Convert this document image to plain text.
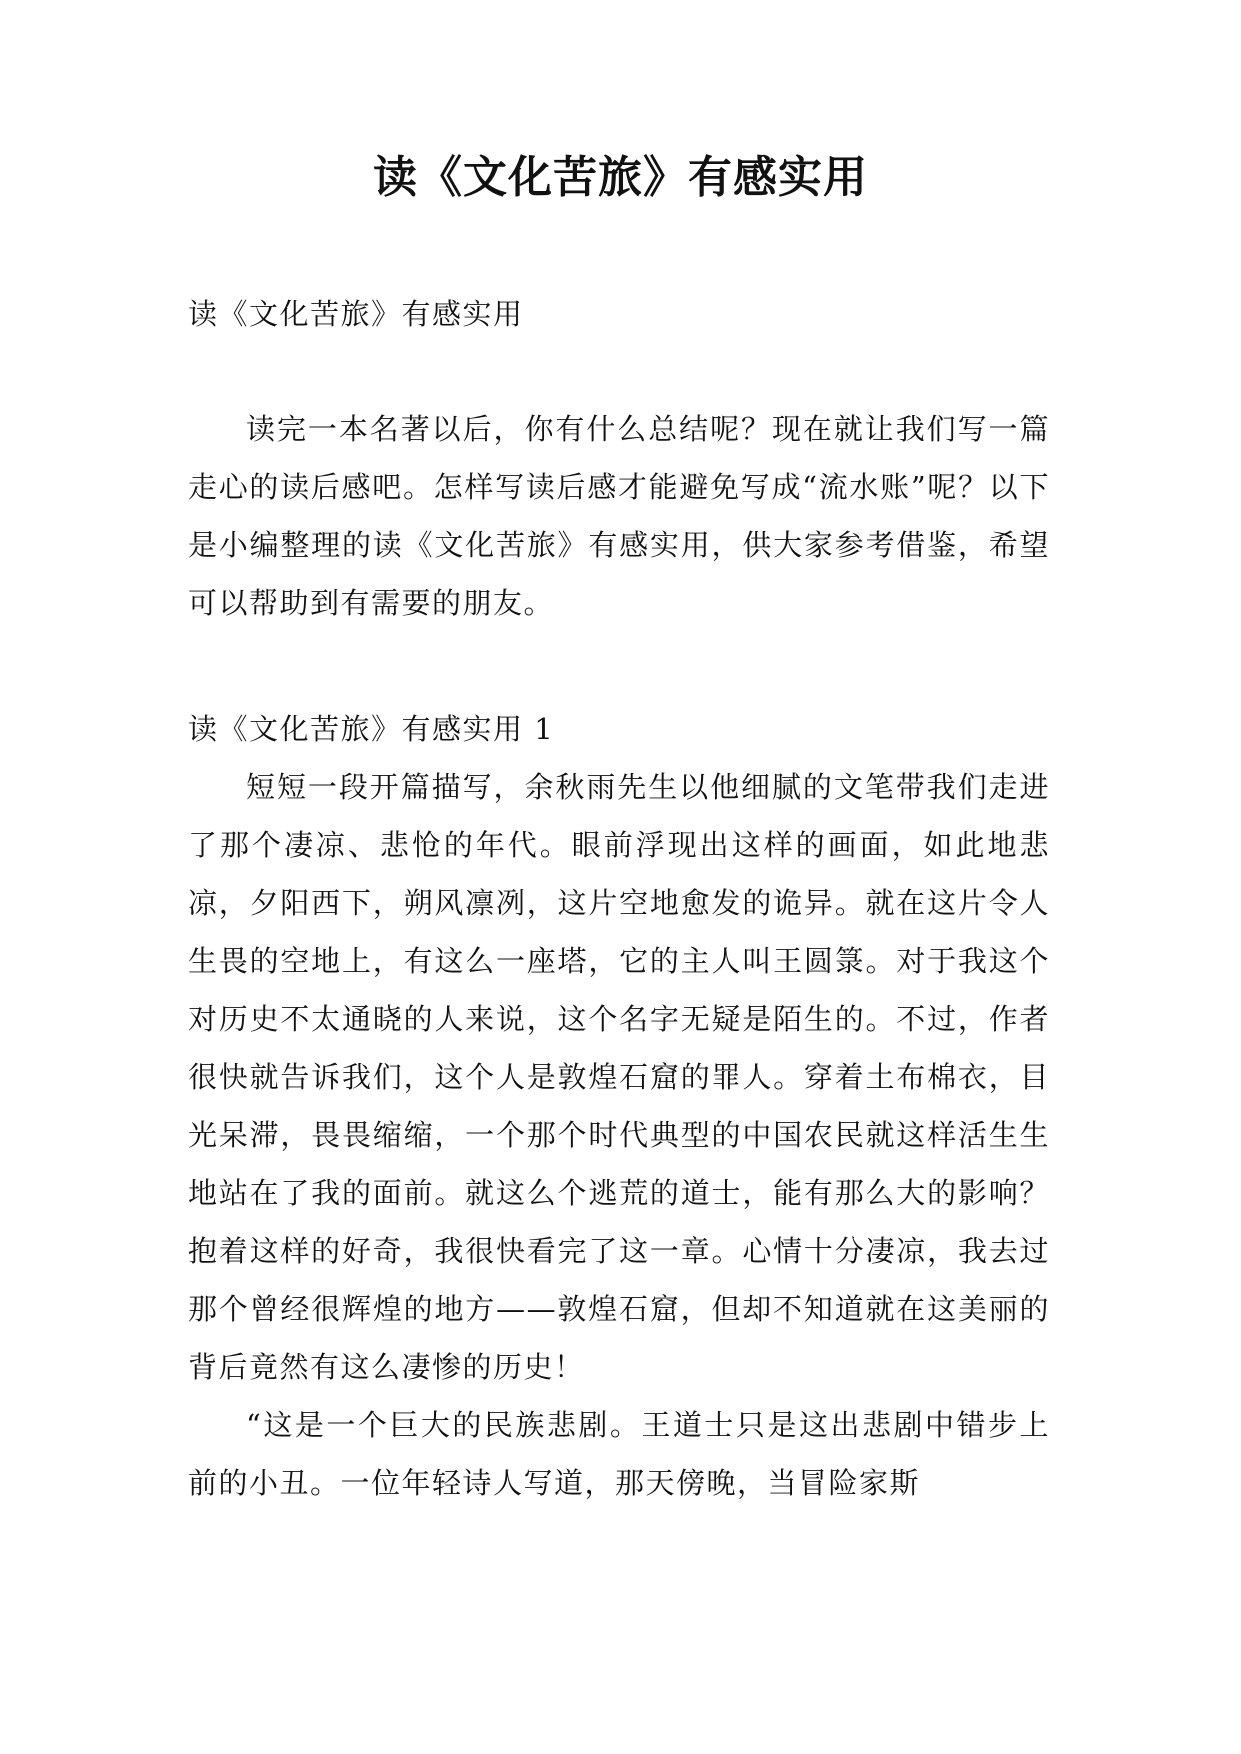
读《文化苦旅》有感实用
读《文化苦旅》有感实用

读完一本名著以后，你有什么总结呢？现在就让我们写一篇走心的读后感吧。怎样写读后感才能避免写成“流水账”呢？以下是小编整理的读《文化苦旅》有感实用，供大家参考借鉴，希望可以帮助到有需要的朋友。

读《文化苦旅》有感实用 1

短短一段开篇描写，余秋雨先生以他细腻的文笔带我们走进了那个凄凉、悲怆的年代。眼前浮现出这样的画面，如此地悲凉，夕阳西下，朔风凛冽，这片空地愈发的诡异。就在这片令人生畏的空地上，有这么一座塔，它的主人叫王圆箓。对于我这个对历史不太通晓的人来说，这个名字无疑是陌生的。不过，作者很快就告诉我们，这个人是敦煌石窟的罪人。穿着土布棉衣，目光呆滞，畏畏缩缩，一个那个时代典型的中国农民就这样活生生地站在了我的面前。就这么个逃荒的道士，能有那么大的影响？抱着这样的好奇，我很快看完了这一章。心情十分凄凉，我去过那个曾经很辉煌的地方——敦煌石窟，但却不知道就在这美丽的背后竟然有这么凄惨的历史！

“这是一个巨大的民族悲剧。王道士只是这出悲剧中错步上前的小丑。一位年轻诗人写道，那天傍晚，当冒险家斯
